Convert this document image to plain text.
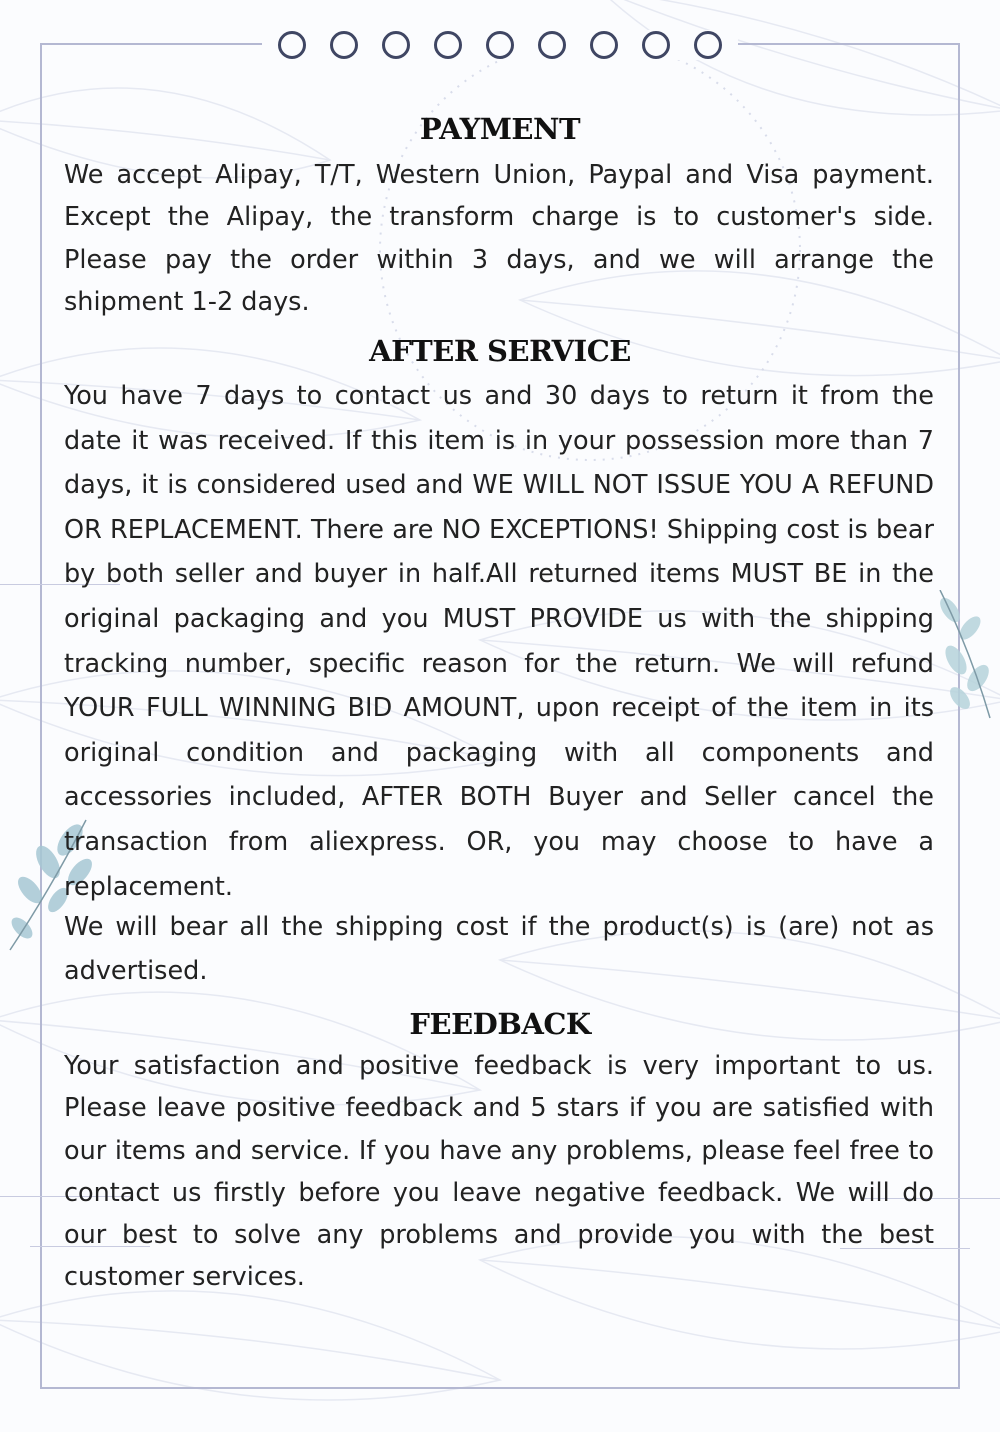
PAYMENT
We accept Alipay, T/T, Western Union, Paypal and Visa payment. Except the Alipay, the transform charge is to customer's side. Please pay the order within 3 days, and we will arrange the shipment 1-2 days.
AFTER SERVICE
You have 7 days to contact us and 30 days to return it from the date it was received. If this item is in your possession more than 7 days, it is considered used and WE WILL NOT ISSUE YOU A REFUND OR REPLACEMENT. There are NO EXCEPTIONS! Shipping cost is bear by both seller and buyer in half.All returned items MUST BE in the original packaging and you MUST PROVIDE us with the shipping tracking number, specific reason for the return. We will refund YOUR FULL WINNING BID AMOUNT, upon receipt of the item in its original condition and packaging with all components and accessories included, AFTER BOTH Buyer and Seller cancel the transaction from aliexpress. OR, you may choose to have a replacement.
We will bear all the shipping cost if the product(s) is (are) not as advertised.
FEEDBACK
Your satisfaction and positive feedback is very important to us. Please leave positive feedback and 5 stars if you are satisfied with our items and service. If you have any problems, please feel free to contact us firstly before you leave negative feedback. We will do our best to solve any problems and provide you with the best customer services.
